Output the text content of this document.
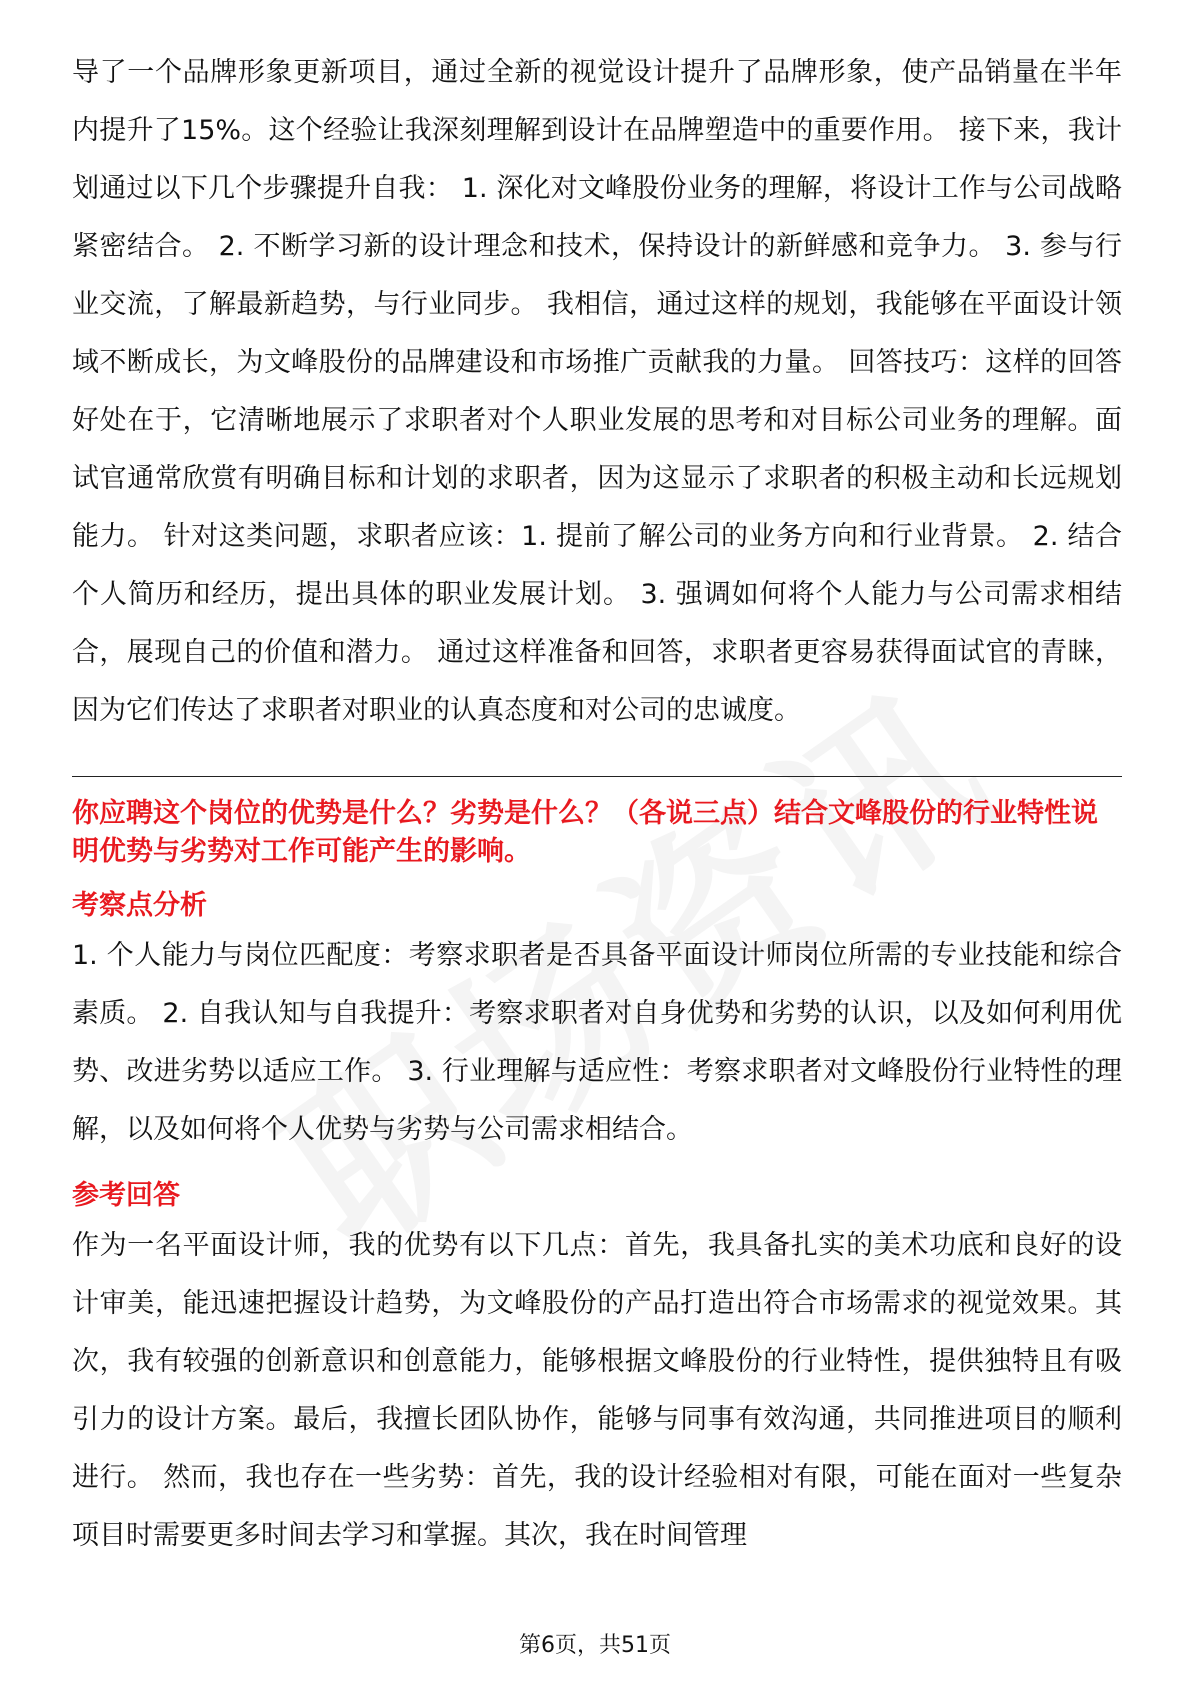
导了一个品牌形象更新项目，通过全新的视觉设计提升了品牌形象，使产品销量在半年内提升了15%。这个经验让我深刻理解到设计在品牌塑造中的重要作用。 接下来，我计划通过以下几个步骤提升自我： 1. 深化对文峰股份业务的理解，将设计工作与公司战略紧密结合。 2. 不断学习新的设计理念和技术，保持设计的新鲜感和竞争力。 3. 参与行业交流，了解最新趋势，与行业同步。 我相信，通过这样的规划，我能够在平面设计领域不断成长，为文峰股份的品牌建设和市场推广贡献我的力量。 回答技巧：这样的回答好处在于，它清晰地展示了求职者对个人职业发展的思考和对目标公司业务的理解。面试官通常欣赏有明确目标和计划的求职者，因为这显示了求职者的积极主动和长远规划能力。 针对这类问题，求职者应该：1. 提前了解公司的业务方向和行业背景。 2. 结合个人简历和经历，提出具体的职业发展计划。 3. 强调如何将个人能力与公司需求相结合，展现自己的价值和潜力。 通过这样准备和回答，求职者更容易获得面试官的青睐，因为它们传达了求职者对职业的认真态度和对公司的忠诚度。

你应聘这个岗位的优势是什么？劣势是什么？（各说三点）结合文峰股份的行业特性说明优势与劣势对工作可能产生的影响。

考察点分析

1. 个人能力与岗位匹配度：考察求职者是否具备平面设计师岗位所需的专业技能和综合素质。 2. 自我认知与自我提升：考察求职者对自身优势和劣势的认识，以及如何利用优势、改进劣势以适应工作。 3. 行业理解与适应性：考察求职者对文峰股份行业特性的理解，以及如何将个人优势与劣势与公司需求相结合。

参考回答

作为一名平面设计师，我的优势有以下几点：首先，我具备扎实的美术功底和良好的设计审美，能迅速把握设计趋势，为文峰股份的产品打造出符合市场需求的视觉效果。其次，我有较强的创新意识和创意能力，能够根据文峰股份的行业特性，提供独特且有吸引力的设计方案。最后，我擅长团队协作，能够与同事有效沟通，共同推进项目的顺利进行。 然而，我也存在一些劣势：首先，我的设计经验相对有限，可能在面对一些复杂项目时需要更多时间去学习和掌握。其次，我在时间管理

第6页，共51页
